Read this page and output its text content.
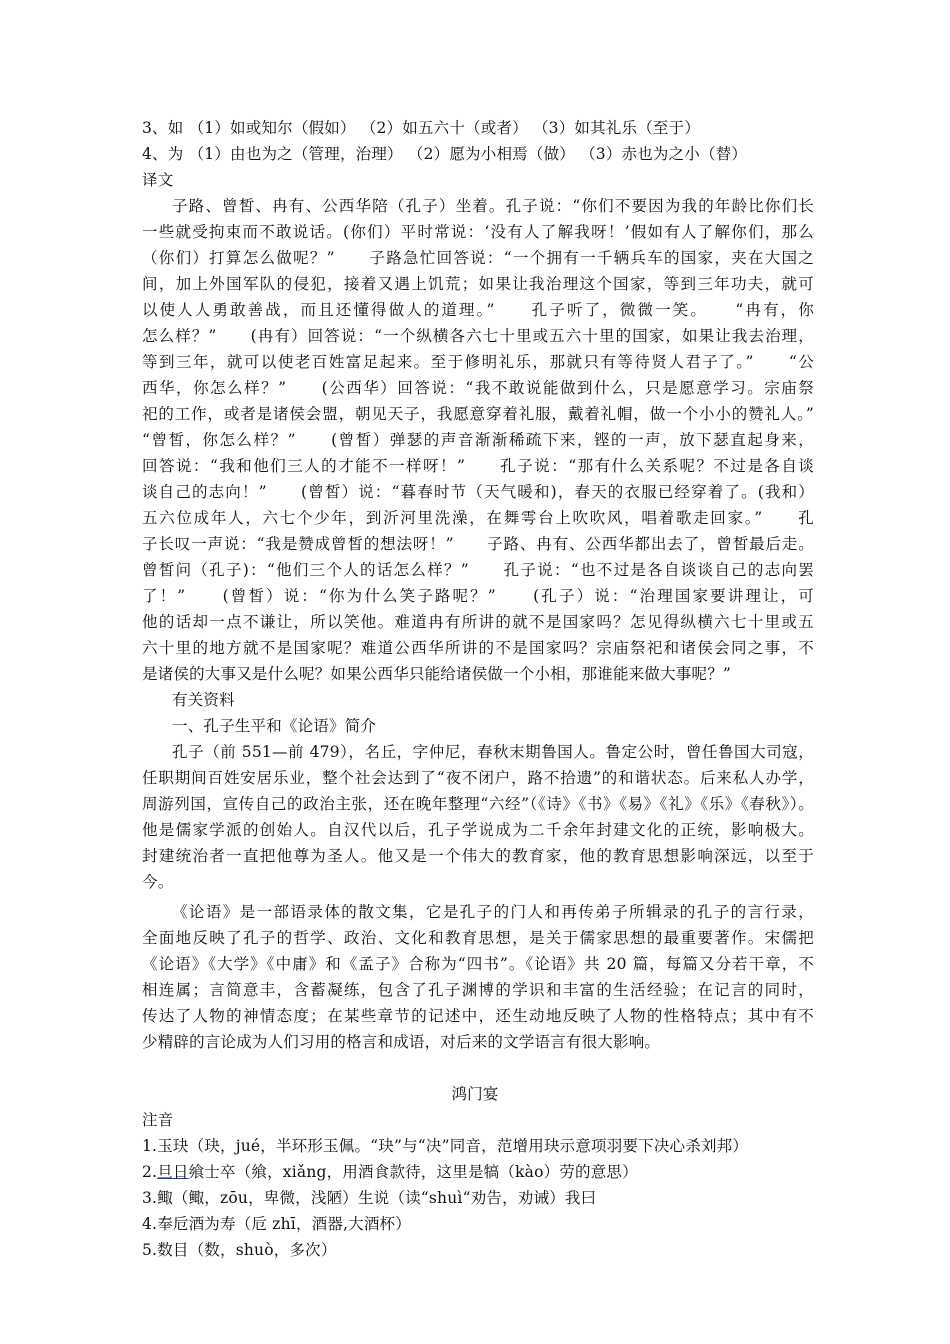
3、如 （1）如或知尔（假如） （2）如五六十（或者） （3）如其礼乐（至于）
4、为 （1）由也为之（管理，治理） （2）愿为小相焉（做） （3）赤也为之小（替）
译文
子路、曾皙、冉有、公西华陪（孔子）坐着。孔子说：“你们不要因为我的年龄比你们长
一些就受拘束而不敢说话。(你们）平时常说：‘没有人了解我呀！’假如有人了解你们，那么
（你们）打算怎么做呢？”　　子路急忙回答说：“一个拥有一千辆兵车的国家，夹在大国之
间，加上外国军队的侵犯，接着又遇上饥荒；如果让我治理这个国家，等到三年功夫，就可
以使人人勇敢善战，而且还懂得做人的道理。”　　孔子听了，微微一笑。　　“冉有，你
怎么样？”　　(冉有）回答说：“一个纵横各六七十里或五六十里的国家，如果让我去治理，
等到三年，就可以使老百姓富足起来。至于修明礼乐，那就只有等待贤人君子了。”　　“公
西华，你怎么样？”　　(公西华）回答说：“我不敢说能做到什么，只是愿意学习。宗庙祭
祀的工作，或者是诸侯会盟，朝见天子，我愿意穿着礼服，戴着礼帽，做一个小小的赞礼人。”
“曾皙，你怎么样？”　　(曾皙）弹瑟的声音渐渐稀疏下来，铿的一声，放下瑟直起身来，
回答说：“我和他们三人的才能不一样呀！”　　孔子说：“那有什么关系呢？不过是各自谈
谈自己的志向！”　　(曾皙）说：“暮春时节（天气暖和)，春天的衣服已经穿着了。(我和）
五六位成年人，六七个少年，到沂河里洗澡，在舞雩台上吹吹风，唱着歌走回家。”　　孔
子长叹一声说：“我是赞成曾皙的想法呀！”　　子路、冉有、公西华都出去了，曾皙最后走。
曾皙问（孔子)：“他们三个人的话怎么样？”　　孔子说：“也不过是各自谈谈自己的志向罢
了！”　　(曾皙）说：“你为什么笑子路呢？”　　(孔子）说：“治理国家要讲理让，可
他的话却一点不谦让，所以笑他。难道冉有所讲的就不是国家吗？怎见得纵横六七十里或五
六十里的地方就不是国家呢？难道公西华所讲的不是国家吗？宗庙祭祀和诸侯会同之事，不
是诸侯的大事又是什么呢？如果公西华只能给诸侯做一个小相，那谁能来做大事呢？”
有关资料
一、孔子生平和《论语》简介
孔子（前 551—前 479），名丘，字仲尼，春秋末期鲁国人。鲁定公时，曾任鲁国大司寇，
任职期间百姓安居乐业，整个社会达到了“夜不闭户，路不拾遗”的和谐状态。后来私人办学，
周游列国，宣传自己的政治主张，还在晚年整理“六经”（《诗》《书》《易》《礼》《乐》《春秋》）。
他是儒家学派的创始人。自汉代以后，孔子学说成为二千余年封建文化的正统，影响极大。
封建统治者一直把他尊为圣人。他又是一个伟大的教育家，他的教育思想影响深远，以至于
今。
《论语》是一部语录体的散文集，它是孔子的门人和再传弟子所辑录的孔子的言行录，
全面地反映了孔子的哲学、政治、文化和教育思想，是关于儒家思想的最重要著作。宋儒把
《论语》《大学》《中庸》和《孟子》合称为“四书”。《论语》共 20 篇，每篇又分若干章，不
相连属；言简意丰，含蓄凝练，包含了孔子渊博的学识和丰富的生活经验；在记言的同时，
传达了人物的神情态度；在某些章节的记述中，还生动地反映了人物的性格特点；其中有不
少精辟的言论成为人们习用的格言和成语，对后来的文学语言有很大影响。
鸿门宴
注音
1.玉玦（玦，jué，半环形玉佩。“玦”与“决”同音，范增用玦示意项羽要下决心杀刘邦）
2.旦日飨士卒（飨，xiǎng，用酒食款待，这里是犒（kào）劳的意思）
3.鲰（鲰，zōu，卑微，浅陋）生说（读“shuì“劝告，劝诫）我曰
4.奉卮酒为寿（卮 zhī，酒器,大酒杯）
5.数目（数，shuò，多次）
